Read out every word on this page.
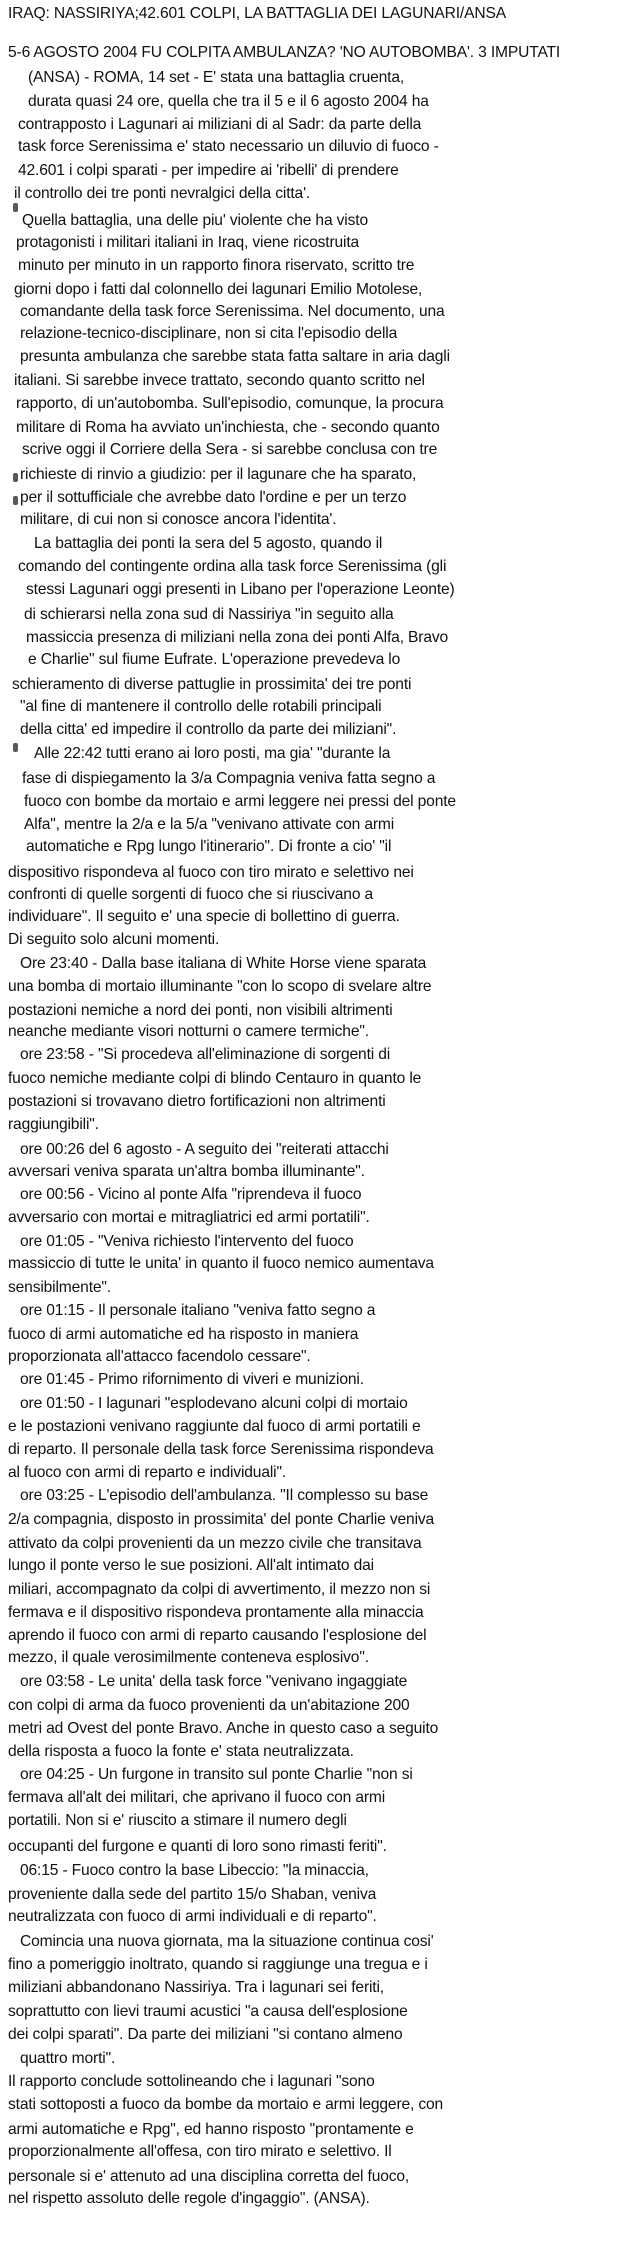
IRAQ: NASSIRIYA;42.601 COLPI, LA BATTAGLIA DEI LAGUNARI/ANSA
5-6 AGOSTO 2004 FU COLPITA AMBULANZA? 'NO AUTOBOMBA'. 3 IMPUTATI
(ANSA) - ROMA, 14 set - E' stata una battaglia cruenta,
durata quasi 24 ore, quella che tra il 5 e il 6 agosto 2004 ha
contrapposto i Lagunari ai miliziani di al Sadr: da parte della
task force Serenissima e' stato necessario un diluvio di fuoco -
42.601 i colpi sparati - per impedire ai 'ribelli' di prendere
il controllo dei tre ponti nevralgici della citta'.
Quella battaglia, una delle piu' violente che ha visto
protagonisti i militari italiani in Iraq, viene ricostruita
minuto per minuto in un rapporto finora riservato, scritto tre
giorni dopo i fatti dal colonnello dei lagunari Emilio Motolese,
comandante della task force Serenissima. Nel documento, una
relazione-tecnico-disciplinare, non si cita l'episodio della
presunta ambulanza che sarebbe stata fatta saltare in aria dagli
italiani. Si sarebbe invece trattato, secondo quanto scritto nel
rapporto, di un'autobomba. Sull'episodio, comunque, la procura
militare di Roma ha avviato un'inchiesta, che - secondo quanto
scrive oggi il Corriere della Sera - si sarebbe conclusa con tre
richieste di rinvio a giudizio: per il lagunare che ha sparato,
per il sottufficiale che avrebbe dato l'ordine e per un terzo
militare, di cui non si conosce ancora l'identita'.
La battaglia dei ponti la sera del 5 agosto, quando il
comando del contingente ordina alla task force Serenissima (gli
stessi Lagunari oggi presenti in Libano per l'operazione Leonte)
di schierarsi nella zona sud di Nassiriya "in seguito alla
massiccia presenza di miliziani nella zona dei ponti Alfa, Bravo
e Charlie" sul fiume Eufrate. L'operazione prevedeva lo
schieramento di diverse pattuglie in prossimita' dei tre ponti
"al fine di mantenere il controllo delle rotabili principali
della citta' ed impedire il controllo da parte dei miliziani".
Alle 22:42 tutti erano ai loro posti, ma gia' "durante la
fase di dispiegamento la 3/a Compagnia veniva fatta segno a
fuoco con bombe da mortaio e armi leggere nei pressi del ponte
Alfa", mentre la 2/a e la 5/a "venivano attivate con armi
automatiche e Rpg lungo l'itinerario". Di fronte a cio' "il
dispositivo rispondeva al fuoco con tiro mirato e selettivo nei
confronti di quelle sorgenti di fuoco che si riuscivano a
individuare". Il seguito e' una specie di bollettino di guerra.
Di seguito solo alcuni momenti.
Ore 23:40 - Dalla base italiana di White Horse viene sparata
una bomba di mortaio illuminante "con lo scopo di svelare altre
postazioni nemiche a nord dei ponti, non visibili altrimenti
neanche mediante visori notturni o camere termiche".
ore 23:58 - "Si procedeva all'eliminazione di sorgenti di
fuoco nemiche mediante colpi di blindo Centauro in quanto le
postazioni si trovavano dietro fortificazioni non altrimenti
raggiungibili".
ore 00:26 del 6 agosto - A seguito dei "reiterati attacchi
avversari veniva sparata un'altra bomba illuminante".
ore 00:56 - Vicino al ponte Alfa "riprendeva il fuoco
avversario con mortai e mitragliatrici ed armi portatili".
ore 01:05 - "Veniva richiesto l'intervento del fuoco
massiccio di tutte le unita' in quanto il fuoco nemico aumentava
sensibilmente".
ore 01:15 - Il personale italiano "veniva fatto segno a
fuoco di armi automatiche ed ha risposto in maniera
proporzionata all'attacco facendolo cessare".
ore 01:45 - Primo rifornimento di viveri e munizioni.
ore 01:50 - I lagunari "esplodevano alcuni colpi di mortaio
e le postazioni venivano raggiunte dal fuoco di armi portatili e
di reparto. Il personale della task force Serenissima rispondeva
al fuoco con armi di reparto e individuali".
ore 03:25 - L'episodio dell'ambulanza. "Il complesso su base
2/a compagnia, disposto in prossimita' del ponte Charlie veniva
attivato da colpi provenienti da un mezzo civile che transitava
lungo il ponte verso le sue posizioni. All'alt intimato dai
miliari, accompagnato da colpi di avvertimento, il mezzo non si
fermava e il dispositivo rispondeva prontamente alla minaccia
aprendo il fuoco con armi di reparto causando l'esplosione del
mezzo, il quale verosimilmente conteneva esplosivo".
ore 03:58 - Le unita' della task force "venivano ingaggiate
con colpi di arma da fuoco provenienti da un'abitazione 200
metri ad Ovest del ponte Bravo. Anche in questo caso a seguito
della risposta a fuoco la fonte e' stata neutralizzata.
ore 04:25 - Un furgone in transito sul ponte Charlie "non si
fermava all'alt dei militari, che aprivano il fuoco con armi
portatili. Non si e' riuscito a stimare il numero degli
occupanti del furgone e quanti di loro sono rimasti feriti".
06:15 - Fuoco contro la base Libeccio: "la minaccia,
proveniente dalla sede del partito 15/o Shaban, veniva
neutralizzata con fuoco di armi individuali e di reparto".
Comincia una nuova giornata, ma la situazione continua cosi'
fino a pomeriggio inoltrato, quando si raggiunge una tregua e i
miliziani abbandonano Nassiriya. Tra i lagunari sei feriti,
soprattutto con lievi traumi acustici "a causa dell'esplosione
dei colpi sparati". Da parte dei miliziani "si contano almeno
quattro morti".
Il rapporto conclude sottolineando che i lagunari "sono
stati sottoposti a fuoco da bombe da mortaio e armi leggere, con
armi automatiche e Rpg", ed hanno risposto "prontamente e
proporzionalmente all'offesa, con tiro mirato e selettivo. Il
personale si e' attenuto ad una disciplina corretta del fuoco,
nel rispetto assoluto delle regole d'ingaggio". (ANSA).
